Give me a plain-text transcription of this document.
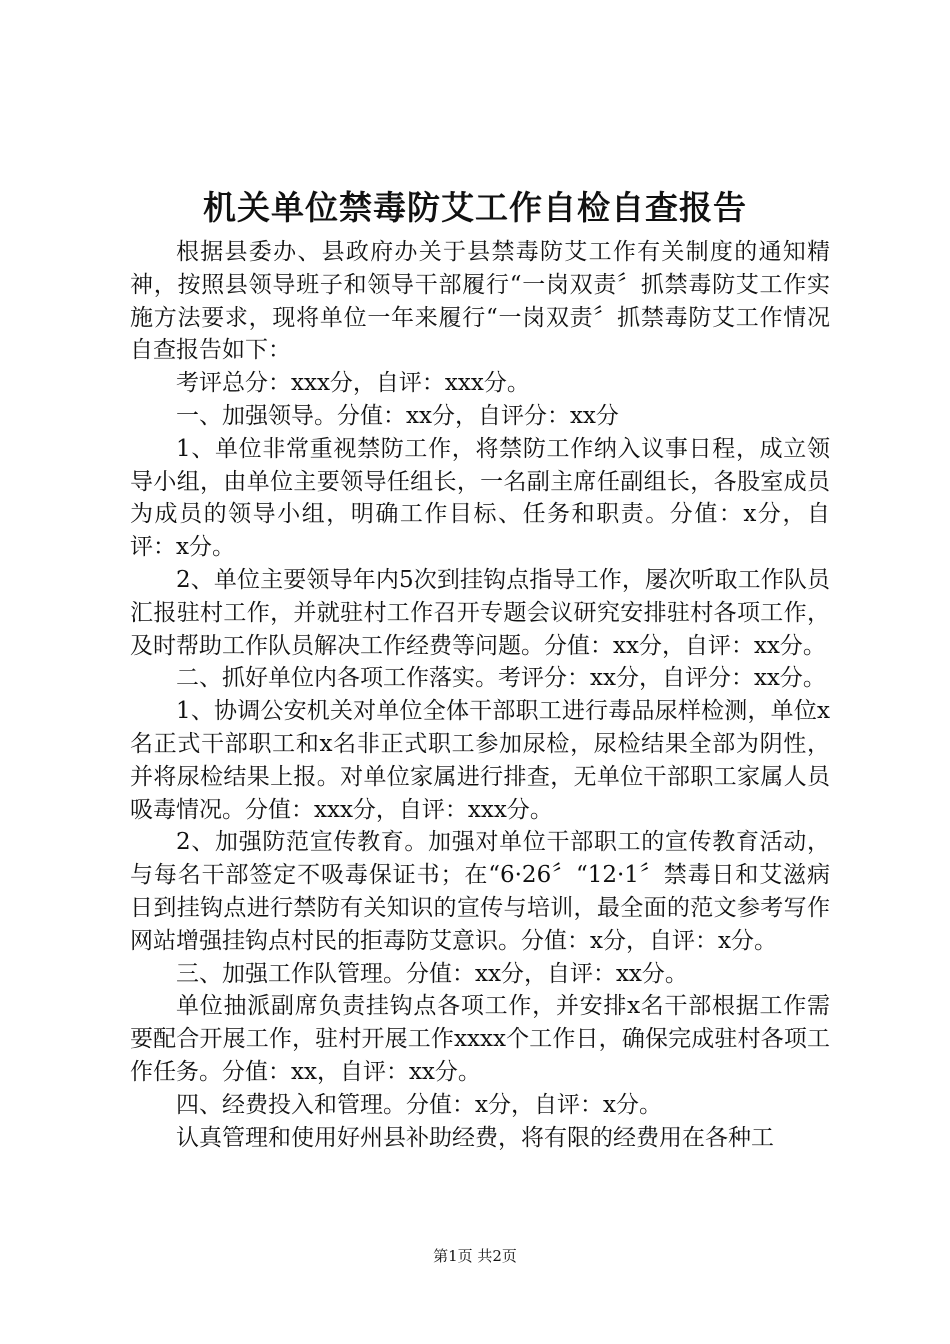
机关单位禁毒防艾工作自检自查报告

根据县委办、县政府办关于县禁毒防艾工作有关制度的通知精神，按照县领导班子和领导干部履行“一岗双责〞抓禁毒防艾工作实施方法要求，现将单位一年来履行“一岗双责〞抓禁毒防艾工作情况自查报告如下：

考评总分：xxx分，自评：xxx分。

一、加强领导。分值：xx分，自评分：xx分

1、单位非常重视禁防工作，将禁防工作纳入议事日程，成立领导小组，由单位主要领导任组长，一名副主席任副组长，各股室成员为成员的领导小组，明确工作目标、任务和职责。分值：x分，自评：x分。

2、单位主要领导年内5次到挂钩点指导工作，屡次听取工作队员汇报驻村工作，并就驻村工作召开专题会议研究安排驻村各项工作，及时帮助工作队员解决工作经费等问题。分值：xx分，自评：xx分。

二、抓好单位内各项工作落实。考评分：xx分，自评分：xx分。

1、协调公安机关对单位全体干部职工进行毒品尿样检测，单位x名正式干部职工和x名非正式职工参加尿检，尿检结果全部为阴性，并将尿检结果上报。对单位家属进行排查，无单位干部职工家属人员吸毒情况。分值：xxx分，自评：xxx分。

2、加强防范宣传教育。加强对单位干部职工的宣传教育活动，与每名干部签定不吸毒保证书；在“6·26〞“12·1〞禁毒日和艾滋病日到挂钩点进行禁防有关知识的宣传与培训，最全面的范文参考写作网站增强挂钩点村民的拒毒防艾意识。分值：x分，自评：x分。

三、加强工作队管理。分值：xx分，自评：xx分。

单位抽派副席负责挂钩点各项工作，并安排x名干部根据工作需要配合开展工作，驻村开展工作xxxx个工作日，确保完成驻村各项工作任务。分值：xx，自评：xx分。

四、经费投入和管理。分值：x分，自评：x分。

认真管理和使用好州县补助经费，将有限的经费用在各种工

第1页 共2页
